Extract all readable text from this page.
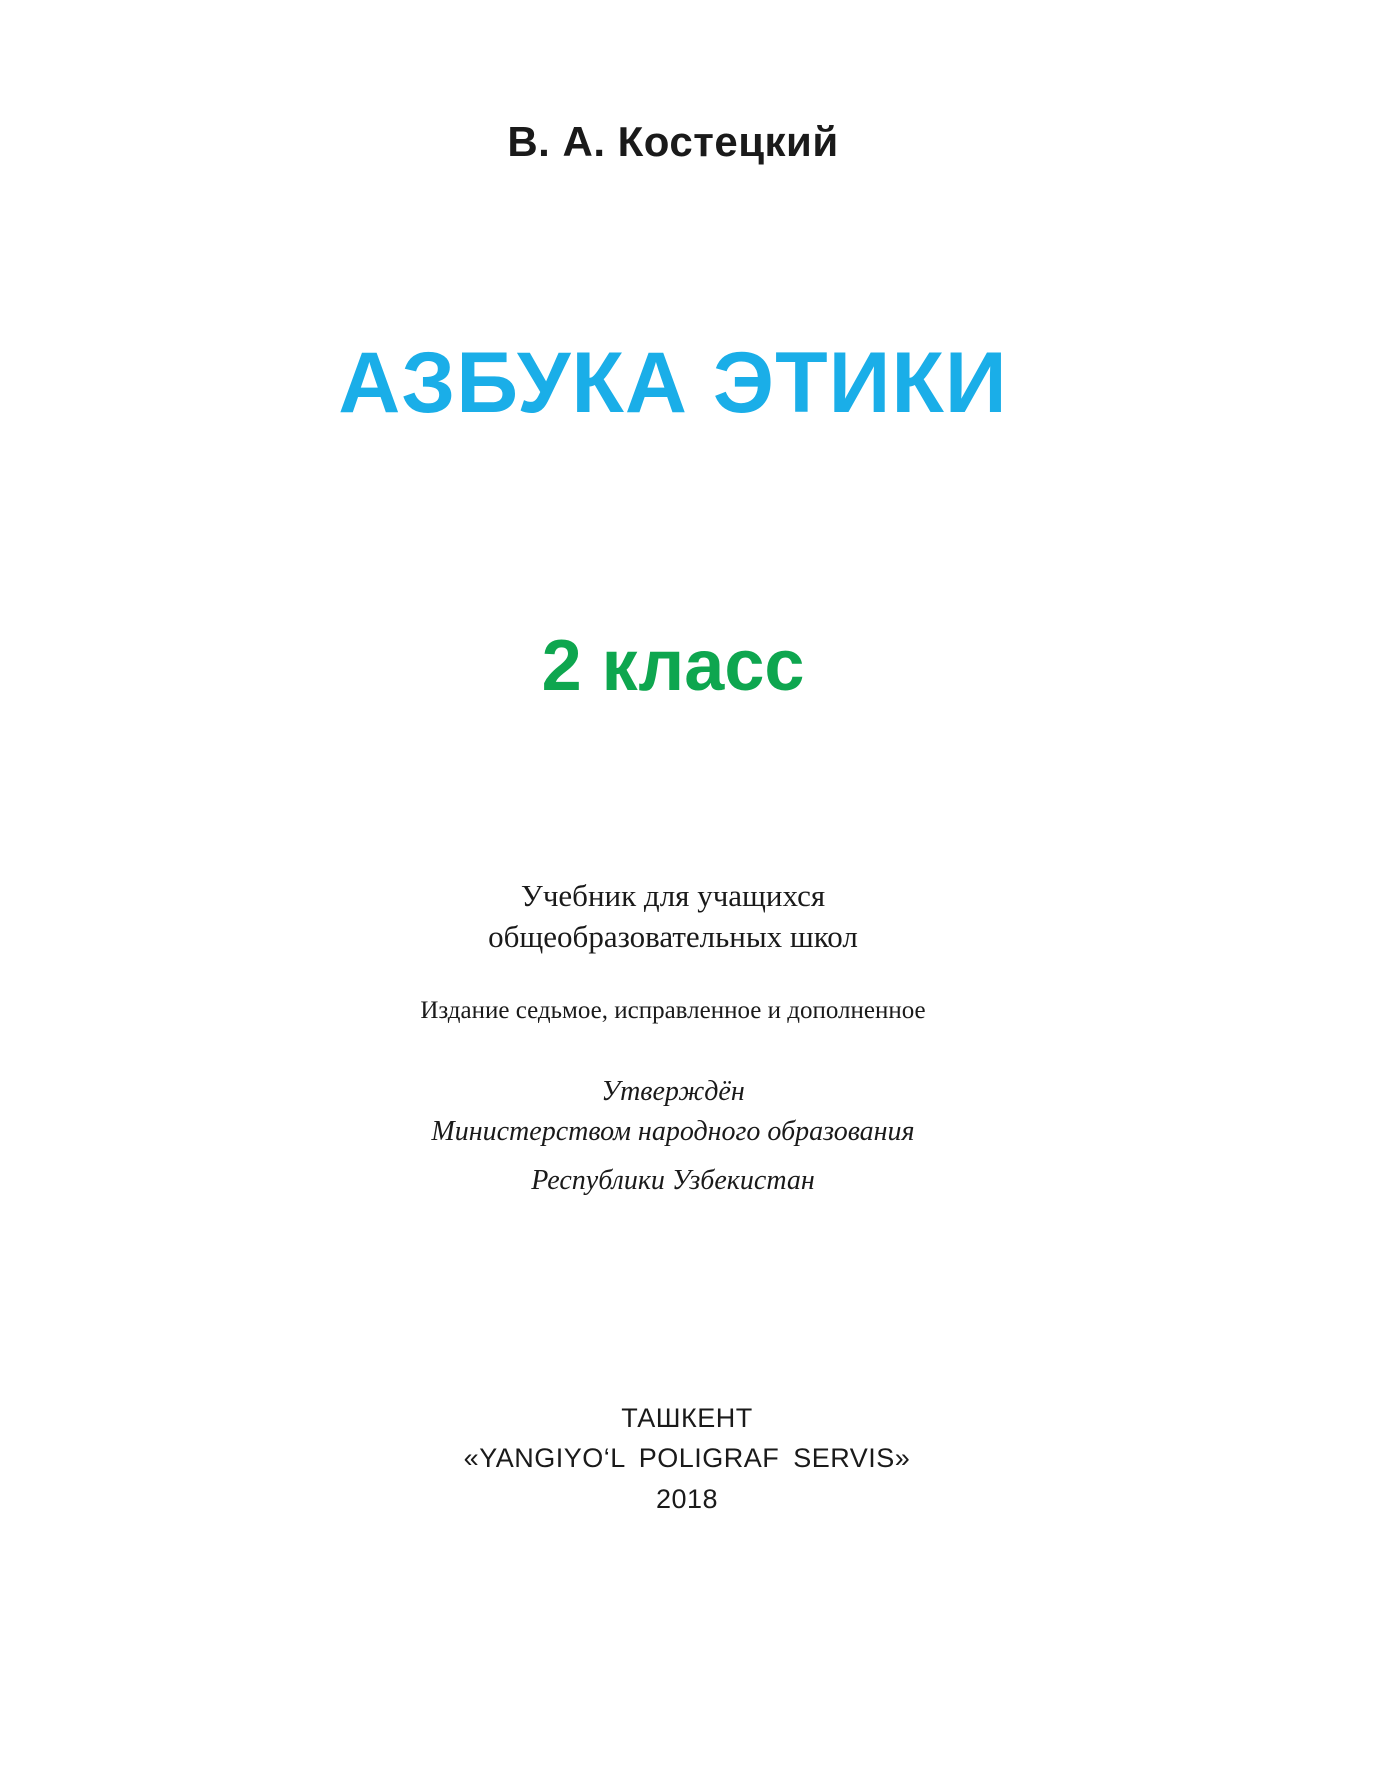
В. А. Костецкий

АЗБУКА ЭТИКИ

2 класс

Учебник для учащихся

общеобразовательных школ

Издание седьмое, исправленное и дополненное

Утверждён

Министерством народного образования

Республики Узбекистан

ТАШКЕНТ

«YANGIYO‘L POLIGRAF SERVIS»

2018
